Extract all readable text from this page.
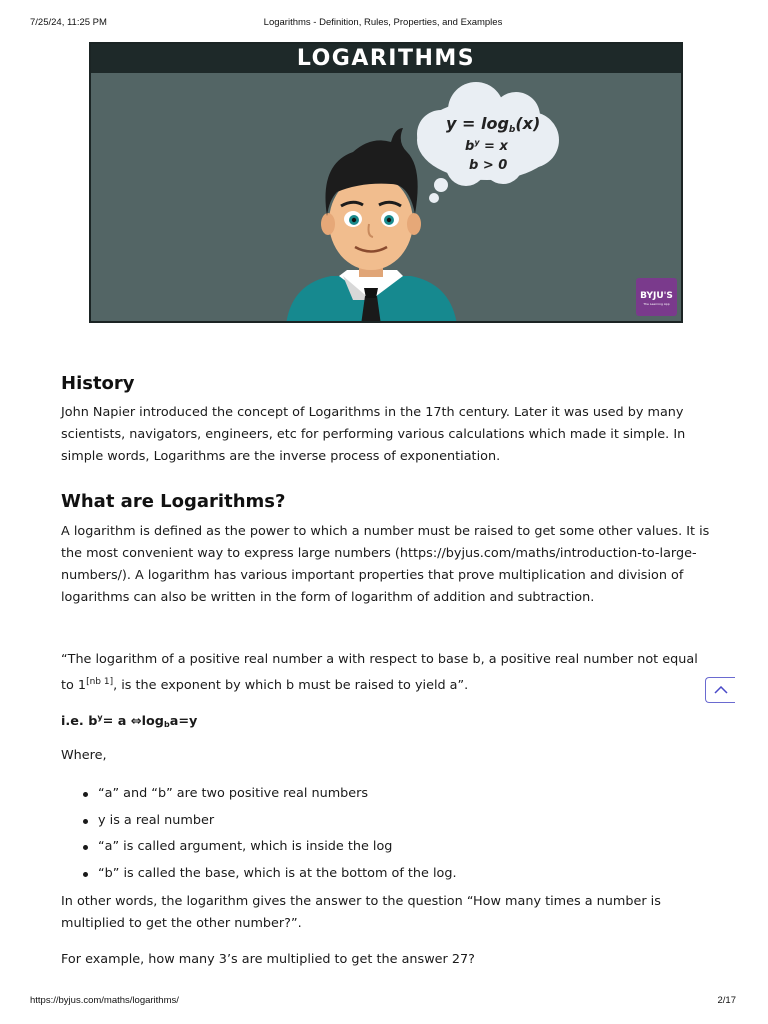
7/25/24, 11:25 PM	Logarithms - Definition, Rules, Properties, and Examples
LOGARITHMS
$y = \log_b(x)$
$b^y = x$
b > 0
BYJU'S
The Learning App
History

John Napier introduced the concept of Logarithms in the 17th century. Later it was used by many scientists, navigators, engineers, etc for performing various calculations which made it simple. In simple words, Logarithms are the inverse process of exponentiation.

What are Logarithms?

A logarithm is defined as the power to which a number must be raised to get some other values. It is the most convenient way to express large numbers (https://byjus.com/maths/introduction-to-large-numbers/). A logarithm has various important properties that prove multiplication and division of logarithms can also be written in the form of logarithm of addition and subtraction.

“The logarithm of a positive real number a with respect to base b, a positive real number not equal to 1[nb 1], is the exponent by which b must be raised to yield a”.

i.e. $b^y= a$ $\Leftrightarrow\log_ba=y$

Where,

“a” and “b” are two positive real numbers
y is a real number
“a” is called argument, which is inside the log
“b” is called the base, which is at the bottom of the log.

In other words, the logarithm gives the answer to the question “How many times a number is multiplied to get the other number?”.

For example, how many 3’s are multiplied to get the answer 27?

https://byjus.com/maths/logarithms/	2/17
